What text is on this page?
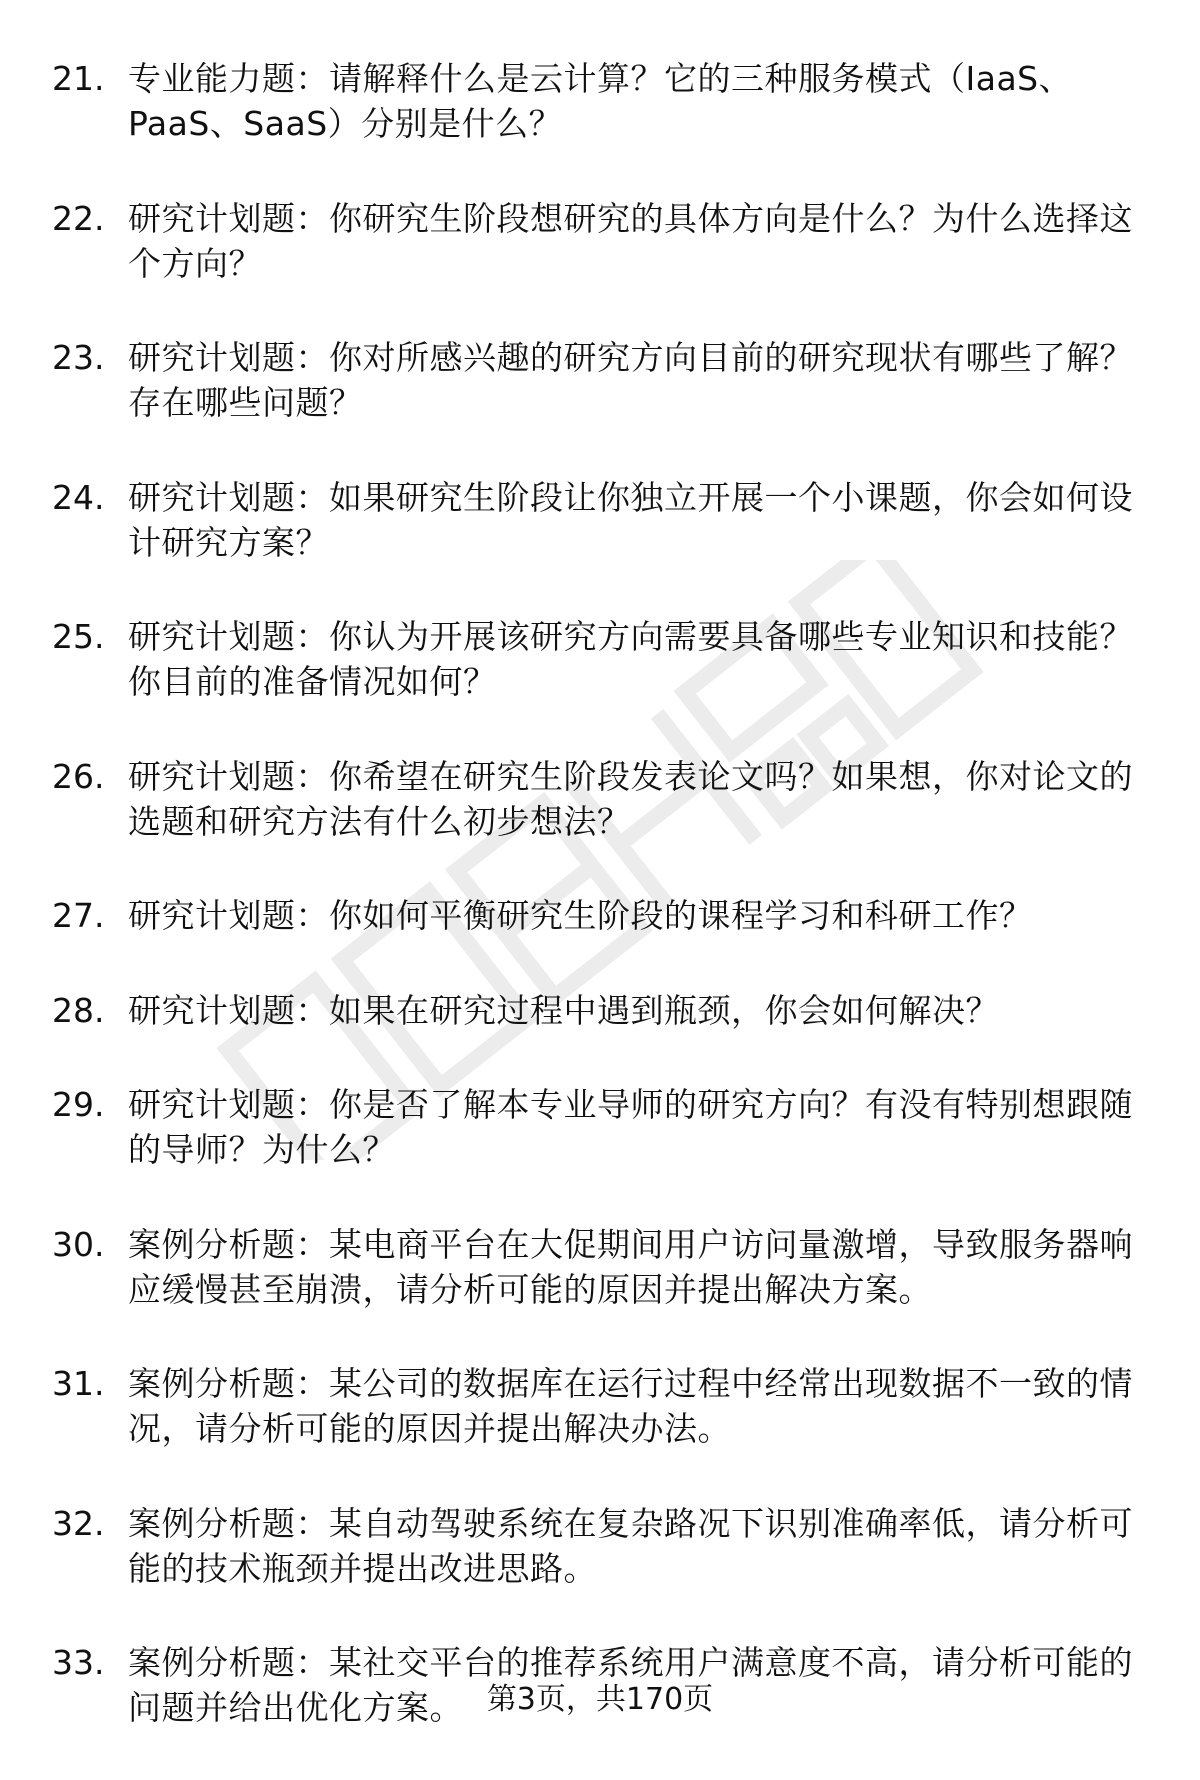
21. 专业能力题：请解释什么是云计算？它的三种服务模式（IaaS、PaaS、SaaS）分别是什么？
22. 研究计划题：你研究生阶段想研究的具体方向是什么？为什么选择这个方向？
23. 研究计划题：你对所感兴趣的研究方向目前的研究现状有哪些了解？存在哪些问题？
24. 研究计划题：如果研究生阶段让你独立开展一个小课题，你会如何设计研究方案？
25. 研究计划题：你认为开展该研究方向需要具备哪些专业知识和技能？你目前的准备情况如何？
26. 研究计划题：你希望在研究生阶段发表论文吗？如果想，你对论文的选题和研究方法有什么初步想法？
27. 研究计划题：你如何平衡研究生阶段的课程学习和科研工作？
28. 研究计划题：如果在研究过程中遇到瓶颈，你会如何解决？
29. 研究计划题：你是否了解本专业导师的研究方向？有没有特别想跟随的导师？为什么？
30. 案例分析题：某电商平台在大促期间用户访问量激增，导致服务器响应缓慢甚至崩溃，请分析可能的原因并提出解决方案。
31. 案例分析题：某公司的数据库在运行过程中经常出现数据不一致的情况，请分析可能的原因并提出解决办法。
32. 案例分析题：某自动驾驶系统在复杂路况下识别准确率低，请分析可能的技术瓶颈并提出改进思路。
33. 案例分析题：某社交平台的推荐系统用户满意度不高，请分析可能的问题并给出优化方案。 第3页，共170页
